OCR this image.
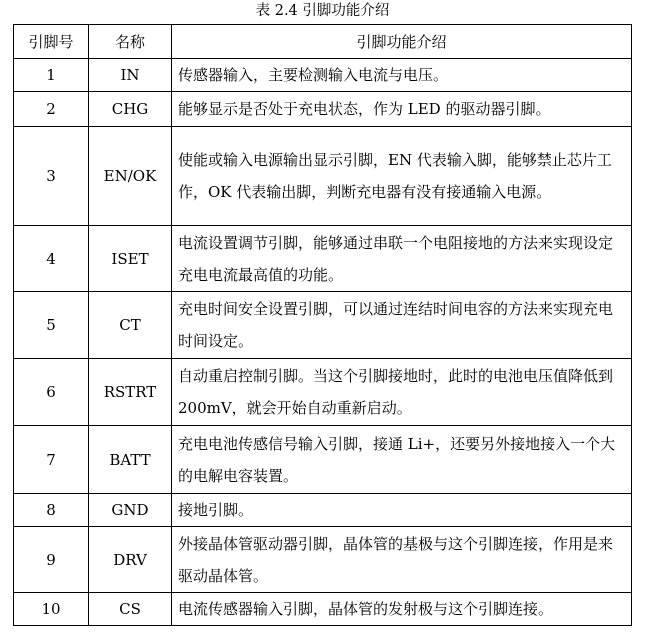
表 2.4 引脚功能介绍
引脚号	名称	引脚功能介绍
1	IN	传感器输入，主要检测输入电流与电压。
2	CHG	能够显示是否处于充电状态，作为 LED 的驱动器引脚。
3	EN/OK	使能或输入电源输出显示引脚，EN 代表输入脚，能够禁止芯片工作，OK 代表输出脚，判断充电器有没有接通输入电源。
4	ISET	电流设置调节引脚，能够通过串联一个电阻接地的方法来实现设定充电电流最高值的功能。
5	CT	充电时间安全设置引脚，可以通过连结时间电容的方法来实现充电时间设定。
6	RSTRT	自动重启控制引脚。当这个引脚接地时，此时的电池电压值降低到 200mV，就会开始自动重新启动。
7	BATT	充电电池传感信号输入引脚，接通 Li+，还要另外接地接入一个大的电解电容装置。
8	GND	接地引脚。
9	DRV	外接晶体管驱动器引脚，晶体管的基极与这个引脚连接，作用是来驱动晶体管。
10	CS	电流传感器输入引脚，晶体管的发射极与这个引脚连接。
